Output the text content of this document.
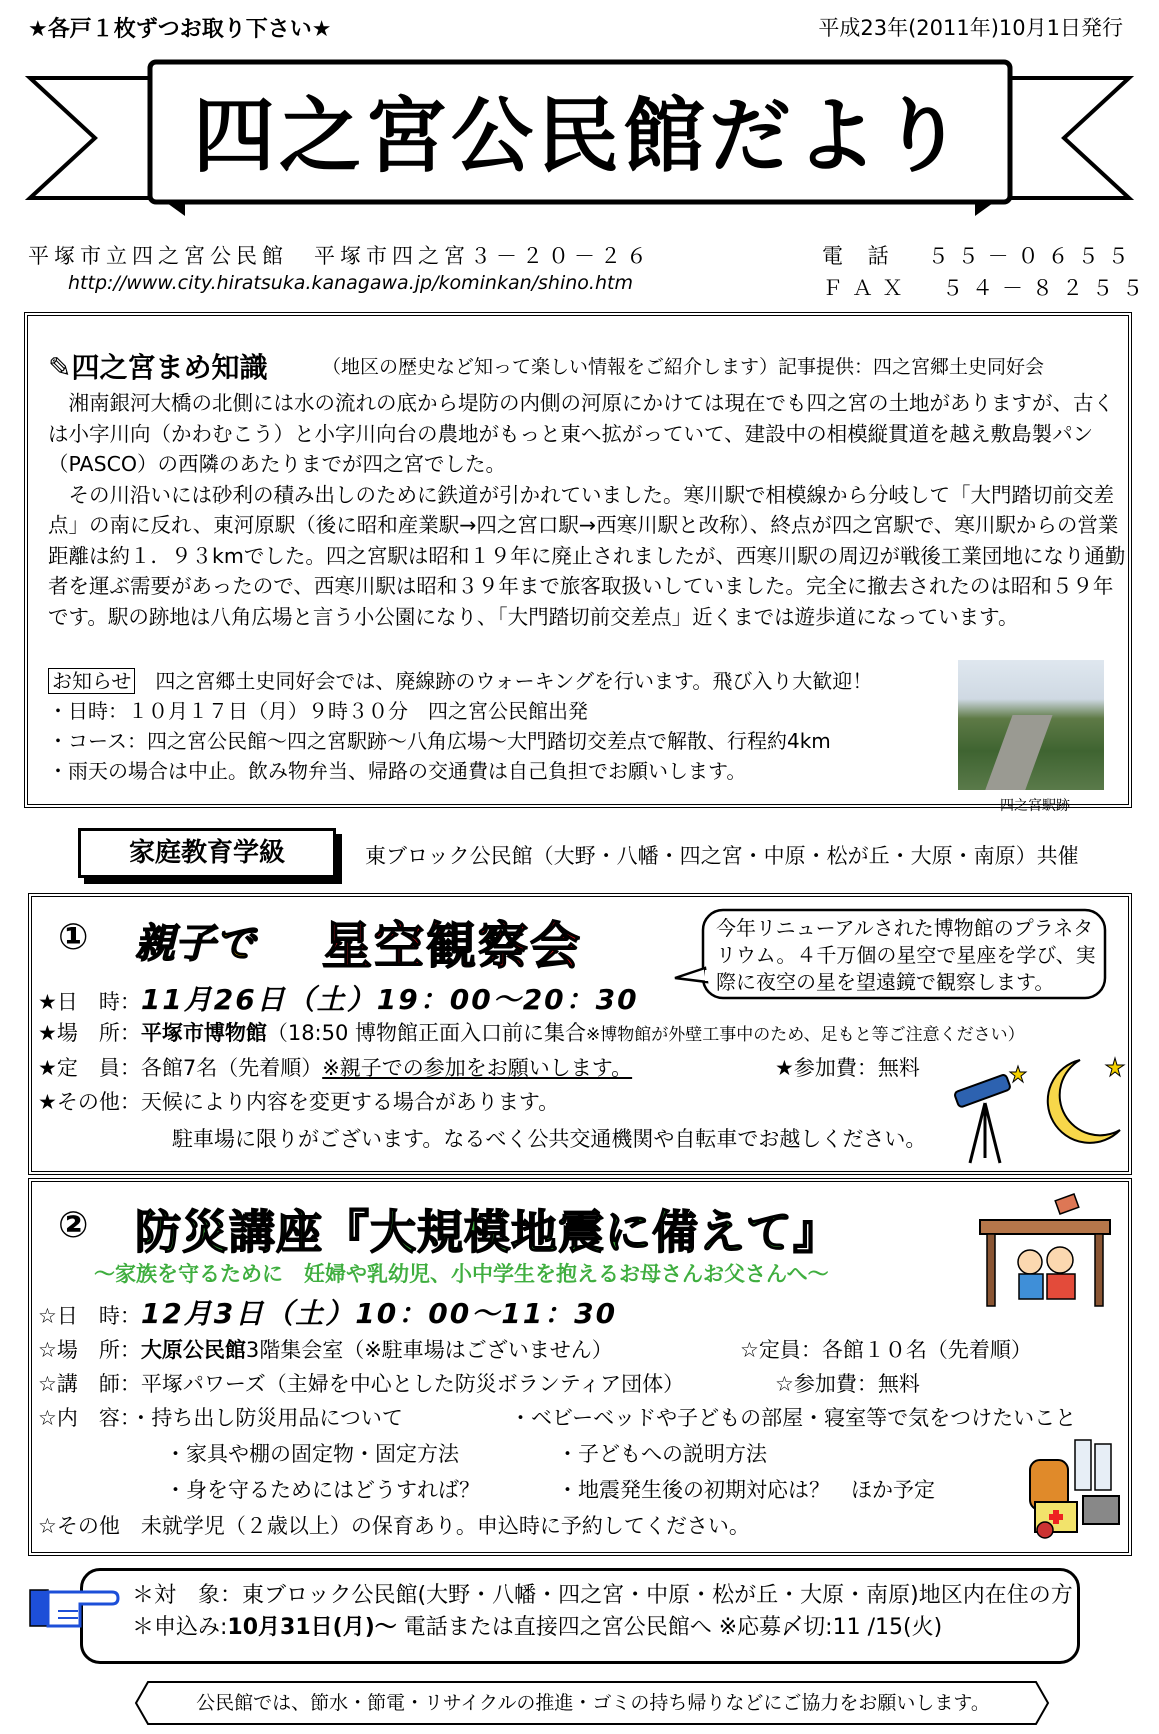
★各戸１枚ずつお取り下さい★	平成23年(2011年)10月1日発行
四之宮公民館だより
平塚市立四之宮公民館　平塚市四之宮３－２０－２６	電 話　５５－０６５５
http://www.city.hiratsuka.kanagawa.jp/kominkan/shino.htm	ＦＡＸ　５４－８２５５
✎四之宮まめ知識	（地区の歴史など知って楽しい情報をご紹介します）記事提供：四之宮郷土史同好会

湘南銀河大橋の北側には水の流れの底から堤防の内側の河原にかけては現在でも四之宮の土地がありますが、古くは小字川向（かわむこう）と小字川向台の農地がもっと東へ拡がっていて、建設中の相模縦貫道を越え敷島製パン（PASCO）の西隣のあたりまでが四之宮でした。

その川沿いには砂利の積み出しのために鉄道が引かれていました。寒川駅で相模線から分岐して「大門踏切前交差点」の南に反れ、東河原駅（後に昭和産業駅→四之宮口駅→西寒川駅と改称）、終点が四之宮駅で、寒川駅からの営業距離は約１．９３kmでした。四之宮駅は昭和１９年に廃止されましたが、西寒川駅の周辺が戦後工業団地になり通勤者を運ぶ需要があったので、西寒川駅は昭和３９年まで旅客取扱いしていました。完全に撤去されたのは昭和５９年です。駅の跡地は八角広場と言う小公園になり、「大門踏切前交差点」近くまでは遊歩道になっています。

お知らせ　四之宮郷土史同好会では、廃線跡のウォーキングを行います。飛び入り大歓迎！
・日時：１０月１７日（月）９時３０分　四之宮公民館出発
・コース：四之宮公民館～四之宮駅跡～八角広場～大門踏切交差点で解散、行程約4km
・雨天の場合は中止。飲み物弁当、帰路の交通費は自己負担でお願いします。
四之宮駅跡
家庭教育学級	東ブロック公民館（大野・八幡・四之宮・中原・松が丘・大原・南原）共催
① 親子で 星空観察会	今年リニューアルされた博物館のプラネタリウム。４千万個の星空で星座を学び、実際に夜空の星を望遠鏡で観察します。
★日　時：11月26日（土）19：00～20：30
★場　所：平塚市博物館（18:50 博物館正面入口前に集合※博物館が外壁工事中のため、足もと等ご注意ください）
★定　員：各館7名（先着順）※親子での参加をお願いします。	★参加費：無料
★その他：天候により内容を変更する場合があります。
駐車場に限りがございます。なるべく公共交通機関や自転車でお越しください。
② 防災講座『大規模地震に備えて』
～家族を守るために　妊婦や乳幼児、小中学生を抱えるお母さんお父さんへ～
☆日　時：12月3日（土）10：00～11：30
☆場　所：大原公民館3階集会室（※駐車場はございません）	☆定員：各館１０名（先着順）
☆講　師：平塚パワーズ（主婦を中心とした防災ボランティア団体）	☆参加費：無料
☆内　容：・持ち出し防災用品について	・ベビーベッドや子どもの部屋・寝室等で気をつけたいこと
・家具や棚の固定物・固定方法	・子どもへの説明方法
・身を守るためにはどうすれば？	・地震発生後の初期対応は？　ほか予定
☆その他　未就学児（２歳以上）の保育あり。申込時に予約してください。
＊対　象：東ブロック公民館(大野・八幡・四之宮・中原・松が丘・大原・南原)地区内在住の方
＊申込み:10月31日(月)～ 電話または直接四之宮公民館へ ※応募〆切:11 /15(火)
公民館では、節水・節電・リサイクルの推進・ゴミの持ち帰りなどにご協力をお願いします。
